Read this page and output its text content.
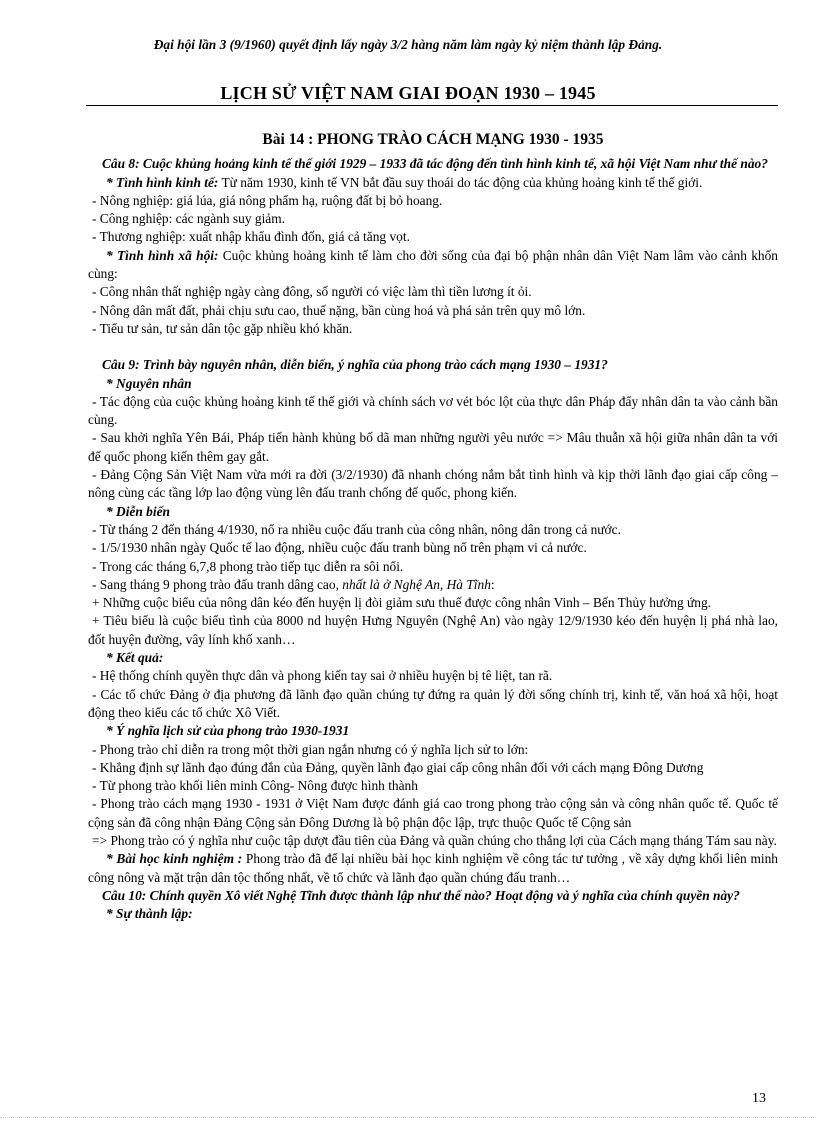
Đại hội lần 3 (9/1960) quyết định lấy ngày 3/2 hàng năm làm ngày kỷ niệm thành lập Đảng.
LỊCH SỬ VIỆT NAM GIAI ĐOẠN 1930 – 1945
Bài 14 : PHONG TRÀO CÁCH MẠNG 1930 - 1935

Câu 8: Cuộc khủng hoảng kinh tế thế giới 1929 – 1933 đã tác động đến tình hình kinh tế, xã hội Việt Nam như thế nào?

* Tình hình kinh tế: Từ năm 1930, kinh tế VN bắt đầu suy thoái do tác động của khủng hoảng kinh tế thế giới.

- Nông nghiệp: giá lúa, giá nông phẩm hạ, ruộng đất bị bỏ hoang.

- Công nghiệp: các ngành suy giảm.

- Thương nghiệp: xuất nhập khẩu đình đốn, giá cả tăng vọt.

* Tình hình xã hội: Cuộc khủng hoảng kinh tế làm cho đời sống của đại bộ phận nhân dân Việt Nam lâm vào cảnh khốn cùng:

- Công nhân thất nghiệp ngày càng đông, số người có việc làm thì tiền lương ít ỏi.

- Nông dân mất đất, phải chịu sưu cao, thuế nặng, bần cùng hoá và phá sản trên quy mô lớn.

- Tiểu tư sản, tư sản dân tộc gặp nhiều khó khăn.

Câu 9: Trình bày nguyên nhân, diễn biến, ý nghĩa của phong trào cách mạng 1930 – 1931?

* Nguyên nhân

- Tác động của cuộc khủng hoảng kinh tế thế giới và chính sách vơ vét bóc lột của thực dân Pháp đẩy nhân dân ta vào cảnh bần cùng.

- Sau khởi nghĩa Yên Bái, Pháp tiến hành khủng bố dã man những người yêu nước => Mâu thuẫn xã hội giữa nhân dân ta với đế quốc phong kiến thêm gay gắt.

- Đảng Cộng Sản Việt Nam vừa mới ra đời (3/2/1930) đã nhanh chóng nắm bắt tình hình và kịp thời lãnh đạo giai cấp công – nông cùng các tầng lớp lao động vùng lên đấu tranh chống đế quốc, phong kiến.

* Diễn biến

- Từ tháng 2 đến tháng 4/1930, nổ ra nhiều cuộc đấu tranh của công nhân, nông dân trong cả nước.

- 1/5/1930 nhân ngày Quốc tế lao động, nhiều cuộc đấu tranh bùng nổ trên phạm vi cả nước.

- Trong các tháng 6,7,8 phong trào tiếp tục diễn ra sôi nổi.

- Sang tháng 9 phong trào đấu tranh dâng cao, nhất là ở Nghệ An, Hà Tĩnh:

+ Những cuộc biểu của nông dân kéo đến huyện lị đòi giảm sưu thuế được công nhân Vinh – Bến Thủy hưởng ứng.

+ Tiêu biểu là cuộc biểu tình của 8000 nd huyện Hưng Nguyên (Nghệ An) vào ngày 12/9/1930 kéo đến huyện lị phá nhà lao, đốt huyện đường, vây lính khố xanh…

* Kết quả:

- Hệ thống chính quyền thực dân và phong kiến tay sai ở nhiều huyện bị tê liệt, tan rã.

- Các tổ chức Đảng ở địa phương đã lãnh đạo quần chúng tự đứng ra quản lý đời sống chính trị, kinh tế, văn hoá xã hội, hoạt động theo kiểu các tổ chức Xô Viết.

* Ý nghĩa lịch sử của phong trào 1930-1931

- Phong trào chỉ diễn ra trong một thời gian ngắn nhưng có ý nghĩa lịch sử to lớn:

- Khẳng định sự lãnh đạo đúng đắn của Đảng, quyền lãnh đạo giai cấp công nhân đối với cách mạng Đông Dương

- Từ phong trào khối liên minh Công- Nông được hình thành

- Phong trào cách mạng 1930 - 1931 ở Việt Nam được đánh giá cao trong phong trào cộng sản và công nhân quốc tế. Quốc tế cộng sản đã công nhận Đảng Cộng sản Đông Dương là bộ phận độc lập, trực thuộc Quốc tế Cộng sản

=> Phong trào có ý nghĩa như cuộc tập dượt đầu tiên của Đảng và quần chúng cho thắng lợi của Cách mạng tháng Tám sau này.

* Bài học kinh nghiệm : Phong trào đã để lại nhiều bài học kinh nghiệm về công tác tư tưởng , về xây dựng khối liên minh công nông và mặt trận dân tộc thống nhất, về tổ chức và lãnh đạo quần chúng đấu tranh…

Câu 10: Chính quyền Xô viết Nghệ Tĩnh được thành lập như thế nào? Hoạt động và ý nghĩa của chính quyền này?

* Sự thành lập:

13
